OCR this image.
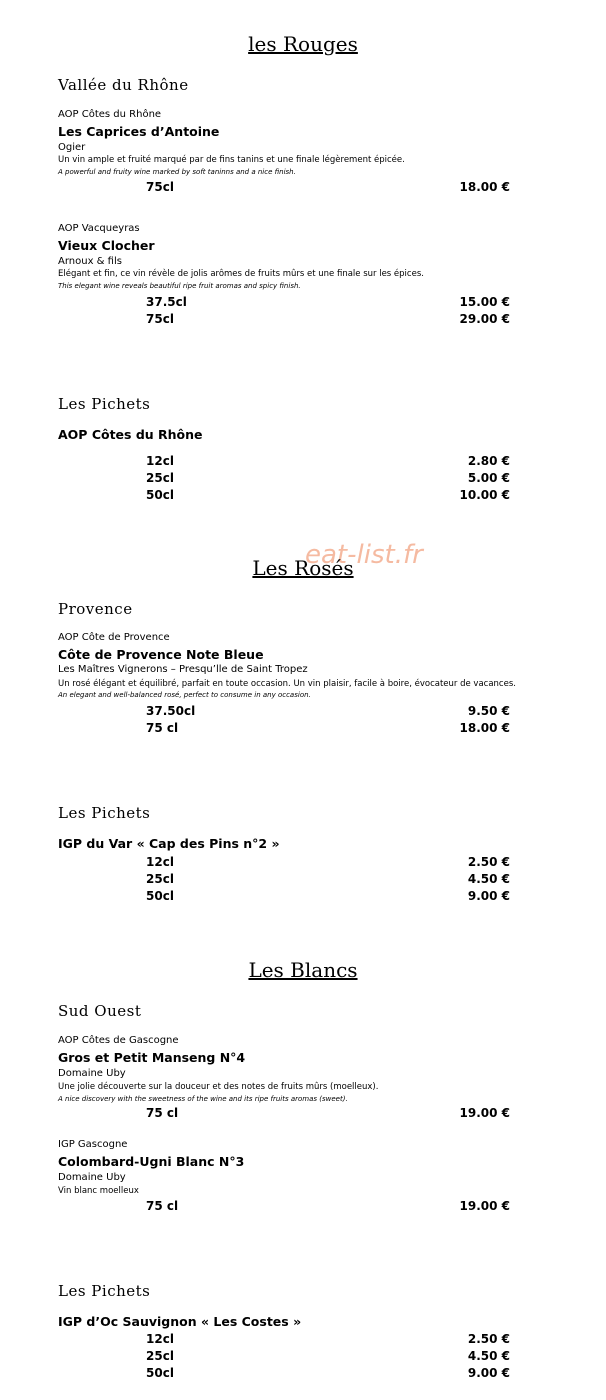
les Rouges
Vallée du Rhône
AOP Côtes du Rhône
Les Caprices d’Antoine
Ogier
Un vin ample et fruité marqué par de fins tanins et une finale légèrement épicée.
A powerful and fruity wine marked by soft taninns and a nice finish.
75cl	18.00 €
AOP Vacqueyras
Vieux Clocher
Arnoux & fils
Elégant et fin, ce vin révèle de jolis arômes de fruits mûrs et une finale sur les épices.
This elegant wine reveals beautiful ripe fruit aromas and spicy finish.
37.5cl	15.00 €
75cl	29.00 €
Les Pichets
AOP Côtes du Rhône
12cl	2.80 €
25cl	5.00 €
50cl	10.00 €
eat-list.fr
Les Rosés
Provence
AOP Côte de Provence
Côte de Provence Note Bleue
Les Maîtres Vignerons – Presqu’lle de Saint Tropez
Un rosé élégant et équilibré, parfait en toute occasion. Un vin plaisir, facile à boire, évocateur de vacances.
An elegant and well-balanced rosé, perfect to consume in any occasion.
37.50cl	9.50 €
75 cl	18.00 €
Les Pichets
IGP du Var « Cap des Pins n°2 »
12cl	2.50 €
25cl	4.50 €
50cl	9.00 €
Les Blancs
Sud Ouest
AOP Côtes de Gascogne
Gros et Petit Manseng N°4
Domaine Uby
Une jolie découverte sur la douceur et des notes de fruits mûrs (moelleux).
A nice discovery with the sweetness of the wine and its ripe fruits aromas (sweet).
75 cl	19.00 €
IGP Gascogne
Colombard-Ugni Blanc N°3
Domaine Uby
Vin blanc moelleux
75 cl	19.00 €
Les Pichets
IGP d’Oc Sauvignon « Les Costes »
12cl	2.50 €
25cl	4.50 €
50cl	9.00 €
